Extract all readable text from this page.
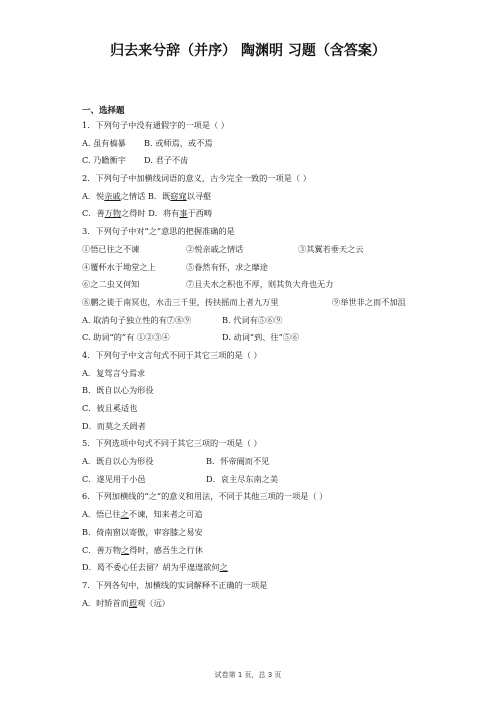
归去来兮辞（并序） 陶渊明 习题（含答案）
一、选择题
1．下列句子中没有通假字的一项是（ ）
A. 虽有槁暴 B. 或师焉，或不焉
C. 乃瞻衡宇 D. 君子不齿
2．下列句子中加横线词语的意义，古今完全一致的一项是（ ）
A．悦亲戚之情话 B．既窈窕以寻壑
C．善万物之得时 D．将有事于西畴
3．下列句子中对“之”意思的把握准确的是
①悟已往之不谏	②悦亲戚之情话	③其翼若垂天之云
④覆杯水于坳堂之上	⑤眷然有怀，求之靡途
⑥之二虫又何知	⑦且夫水之积也不厚，则其负大舟也无力
⑧鹏之徙于南冥也，水击三千里，抟扶摇而上者九万里	⑨举世非之而不加沮
A. 取消句子独立性的有⑦⑧⑨	B. 代词有⑤⑥⑨
C. 助词“的”有 ①②③④	D. 动词“到、往”⑤⑥
4．下列句子中文言句式不同于其它三项的是（ ）
A．复驾言兮焉求
B．既自以心为形役
C．彼且奚适也
D．而莫之夭阏者
5．下列选项中句式不同于其它三项的一项是（ ）
A．既自以心为形役	B．怀帝阍而不见
C．遂见用于小邑	D．哀主尽东南之美
6．下列加横线的“之”的意义和用法，不同于其他三项的一项是（ ）
A．悟已往之不谏，知来者之可追
B．倚南窗以寄傲，审容膝之易安
C．善万物之得时，感吾生之行休
D．曷不委心任去留？胡为乎遑遑欲何之
7．下列各句中，加横线的实词解释不正确的一项是
A．时矫首而遐观（远）
试卷第 1 页，总 3 页
